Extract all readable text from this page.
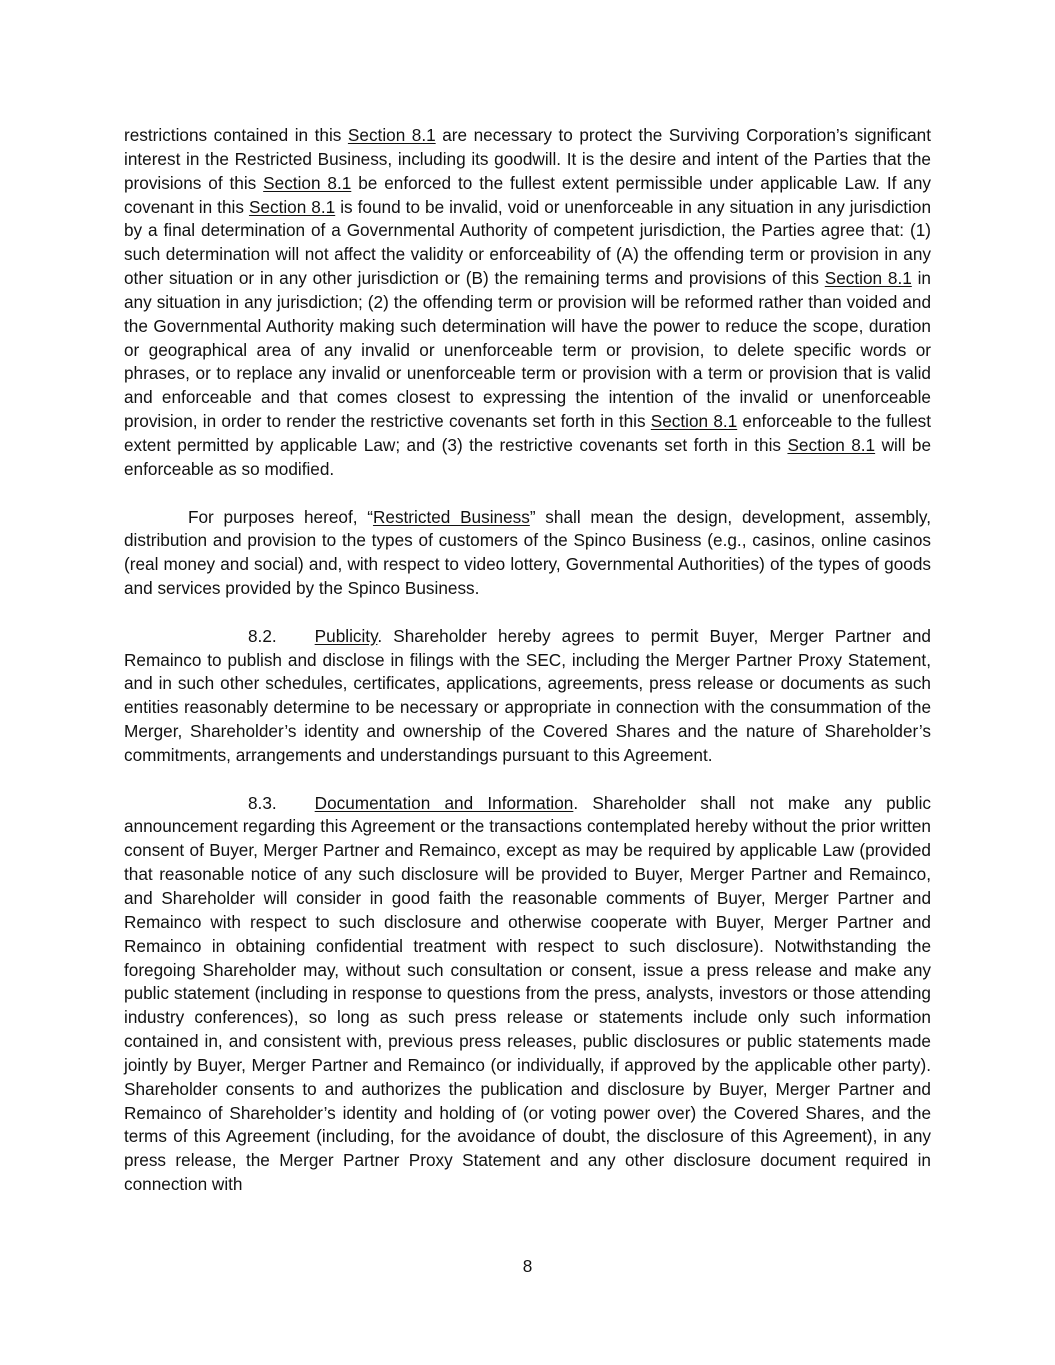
restrictions contained in this Section 8.1 are necessary to protect the Surviving Corporation’s significant interest in the Restricted Business, including its goodwill. It is the desire and intent of the Parties that the provisions of this Section 8.1 be enforced to the fullest extent permissible under applicable Law. If any covenant in this Section 8.1 is found to be invalid, void or unenforceable in any situation in any jurisdiction by a final determination of a Governmental Authority of competent jurisdiction, the Parties agree that: (1) such determination will not affect the validity or enforceability of (A) the offending term or provision in any other situation or in any other jurisdiction or (B) the remaining terms and provisions of this Section 8.1 in any situation in any jurisdiction; (2) the offending term or provision will be reformed rather than voided and the Governmental Authority making such determination will have the power to reduce the scope, duration or geographical area of any invalid or unenforceable term or provision, to delete specific words or phrases, or to replace any invalid or unenforceable term or provision with a term or provision that is valid and enforceable and that comes closest to expressing the intention of the invalid or unenforceable provision, in order to render the restrictive covenants set forth in this Section 8.1 enforceable to the fullest extent permitted by applicable Law; and (3) the restrictive covenants set forth in this Section 8.1 will be enforceable as so modified.

For purposes hereof, “Restricted Business” shall mean the design, development, assembly, distribution and provision to the types of customers of the Spinco Business (e.g., casinos, online casinos (real money and social) and, with respect to video lottery, Governmental Authorities) of the types of goods and services provided by the Spinco Business.

8.2. Publicity. Shareholder hereby agrees to permit Buyer, Merger Partner and Remainco to publish and disclose in filings with the SEC, including the Merger Partner Proxy Statement, and in such other schedules, certificates, applications, agreements, press release or documents as such entities reasonably determine to be necessary or appropriate in connection with the consummation of the Merger, Shareholder’s identity and ownership of the Covered Shares and the nature of Shareholder’s commitments, arrangements and understandings pursuant to this Agreement.

8.3. Documentation and Information. Shareholder shall not make any public announcement regarding this Agreement or the transactions contemplated hereby without the prior written consent of Buyer, Merger Partner and Remainco, except as may be required by applicable Law (provided that reasonable notice of any such disclosure will be provided to Buyer, Merger Partner and Remainco, and Shareholder will consider in good faith the reasonable comments of Buyer, Merger Partner and Remainco with respect to such disclosure and otherwise cooperate with Buyer, Merger Partner and Remainco in obtaining confidential treatment with respect to such disclosure). Notwithstanding the foregoing Shareholder may, without such consultation or consent, issue a press release and make any public statement (including in response to questions from the press, analysts, investors or those attending industry conferences), so long as such press release or statements include only such information contained in, and consistent with, previous press releases, public disclosures or public statements made jointly by Buyer, Merger Partner and Remainco (or individually, if approved by the applicable other party). Shareholder consents to and authorizes the publication and disclosure by Buyer, Merger Partner and Remainco of Shareholder’s identity and holding of (or voting power over) the Covered Shares, and the terms of this Agreement (including, for the avoidance of doubt, the disclosure of this Agreement), in any press release, the Merger Partner Proxy Statement and any other disclosure document required in connection with

8
